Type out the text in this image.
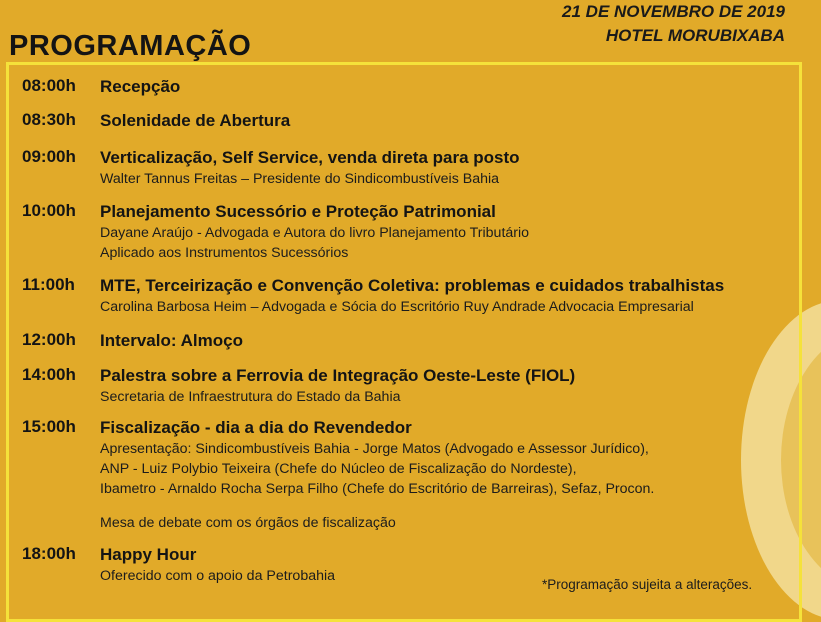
21 DE NOVEMBRO DE 2019
HOTEL MORUBIXABA
PROGRAMAÇÃO
08:00h Recepção
08:30h Solenidade de Abertura
09:00h Verticalização, Self Service, venda direta para posto
Walter Tannus Freitas – Presidente do Sindicombustíveis Bahia
10:00h Planejamento Sucessório e Proteção Patrimonial
Dayane Araújo - Advogada e Autora do livro Planejamento Tributário
Aplicado aos Instrumentos Sucessórios
11:00h MTE, Terceirização e Convenção Coletiva: problemas e cuidados trabalhistas
Carolina Barbosa Heim – Advogada e Sócia do Escritório Ruy Andrade Advocacia Empresarial
12:00h Intervalo: Almoço
14:00h Palestra sobre a Ferrovia de Integração Oeste-Leste (FIOL)
Secretaria de Infraestrutura do Estado da Bahia
15:00h Fiscalização - dia a dia do Revendedor
Apresentação: Sindicombustíveis Bahia - Jorge Matos (Advogado e Assessor Jurídico),
ANP - Luiz Polybio Teixeira (Chefe do Núcleo de Fiscalização do Nordeste),
Ibametro - Arnaldo Rocha Serpa Filho (Chefe do Escritório de Barreiras), Sefaz, Procon.
Mesa de debate com os órgãos de fiscalização
18:00h Happy Hour
Oferecido com o apoio da Petrobahia
*Programação sujeita a alterações.
